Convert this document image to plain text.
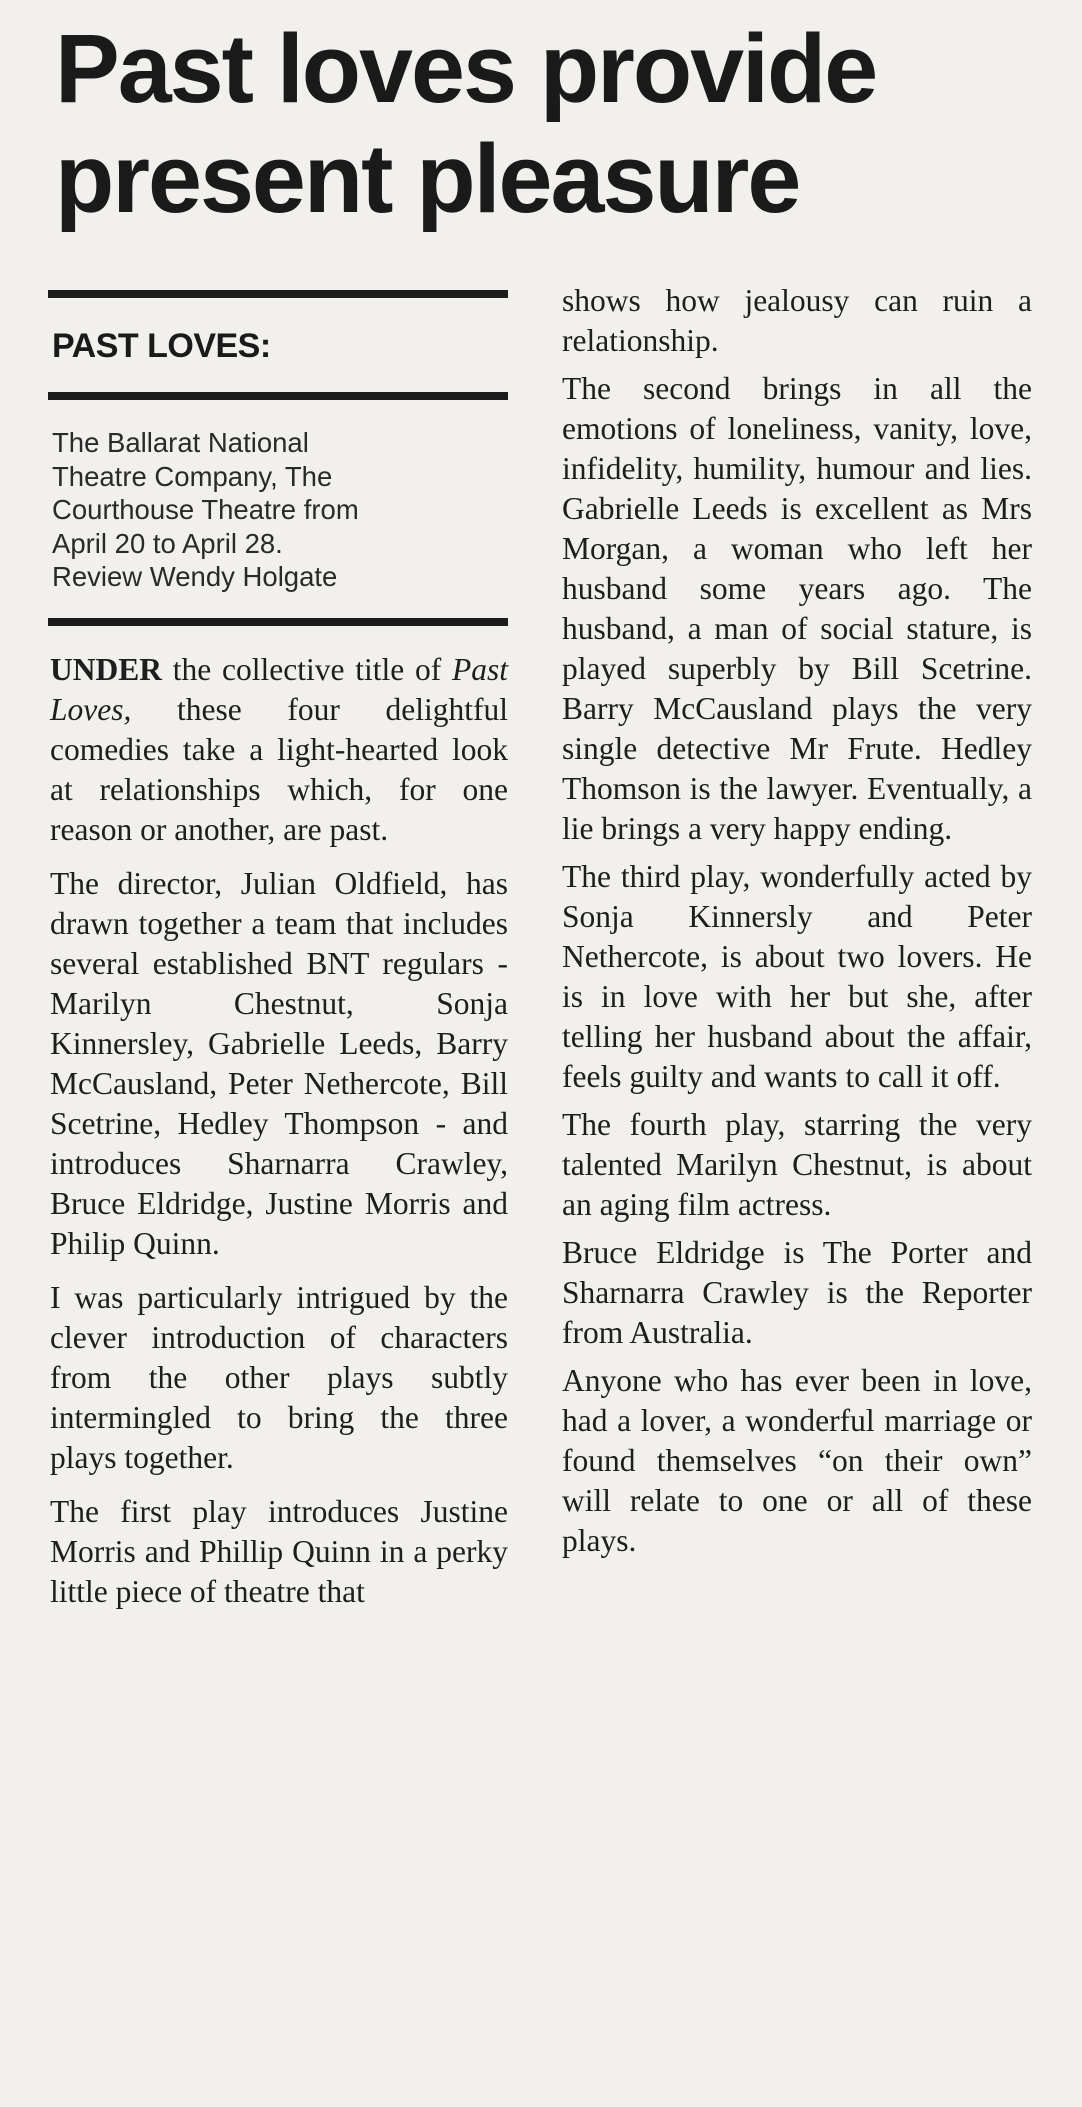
Past loves provide
present pleasure
PAST LOVES:
The Ballarat National
Theatre Company, The
Courthouse Theatre from
April 20 to April 28.
Review Wendy Holgate

UNDER the collective title of Past Loves, these four delightful comedies take a light-hearted look at relationships which, for one reason or another, are past.

The director, Julian Oldfield, has drawn together a team that includes several established BNT regulars - Marilyn Chestnut, Sonja Kinnersley, Gabrielle Leeds, Barry McCausland, Peter Nethercote, Bill Scetrine, Hedley Thompson - and introduces Sharnarra Crawley, Bruce Eldridge, Justine Morris and Philip Quinn.

I was particularly intrigued by the clever introduction of characters from the other plays subtly intermingled to bring the three plays together.

The first play introduces Justine Morris and Phillip Quinn in a perky little piece of theatre that

shows how jealousy can ruin a relationship.

The second brings in all the emotions of loneliness, vanity, love, infidelity, humility, humour and lies. Gabrielle Leeds is excellent as Mrs Morgan, a woman who left her husband some years ago. The husband, a man of social stature, is played superbly by Bill Scetrine. Barry McCausland plays the very single detective Mr Frute. Hedley Thomson is the lawyer. Eventually, a lie brings a very happy ending.

The third play, wonderfully acted by Sonja Kinnersly and Peter Nethercote, is about two lovers. He is in love with her but she, after telling her husband about the affair, feels guilty and wants to call it off.

The fourth play, starring the very talented Marilyn Chestnut, is about an aging film actress.

Bruce Eldridge is The Porter and Sharnarra Crawley is the Reporter from Australia.

Anyone who has ever been in love, had a lover, a wonderful marriage or found themselves “on their own” will relate to one or all of these plays.
